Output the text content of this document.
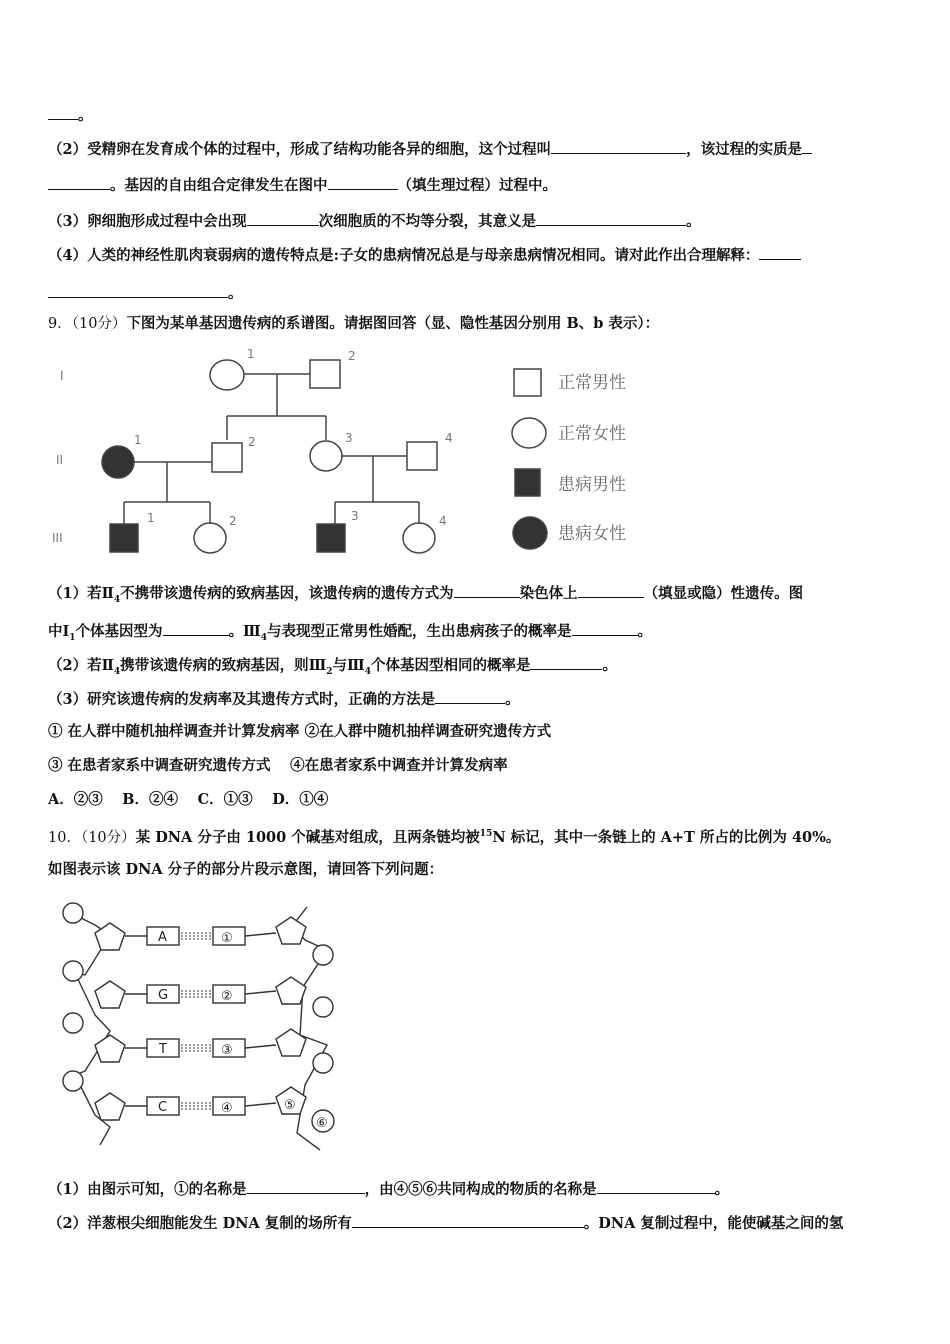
。
（2）受精卵在发育成个体的过程中，形成了结构功能各异的细胞，这个过程叫	，该过程的实质是
。基因的自由组合定律发生在图中	（填生理过程）过程中。
（3）卵细胞形成过程中会出现	次细胞质的不均等分裂，其意义是	。
（4）人类的神经性肌肉衰弱病的遗传特点是:子女的患病情况总是与母亲患病情况相同。请对此作出合理解释：
。
9．（10分）下图为某单基因遗传病的系谱图。请据图回答（显、隐性基因分别用 B、b 表示）：
I
II
III
1	2
1	2	3	4
1	2	3	4
正常男性
正常女性
患病男性
患病女性
（1）若$Ⅱ_4$不携带该遗传病的致病基因，该遗传病的遗传方式为	染色体上	（填显或隐）性遗传。图
中$Ⅰ_1$个体基因型为	。$Ⅲ_4$与表现型正常男性婚配，生出患病孩子的概率是	。
（2）若$Ⅱ_4$携带该遗传病的致病基因，则$Ⅲ_2$与$Ⅲ_4$个体基因型相同的概率是	。
（3）研究该遗传病的发病率及其遗传方式时，正确的方法是	。
① 在人群中随机抽样调查并计算发病率 ②在人群中随机抽样调查研究遗传方式
③ 在患者家系中调查研究遗传方式　 ④在患者家系中调查并计算发病率
A．②③　 B．②④　 C．①③　 D．①④
10．（10分）某 DNA 分子由 1000 个碱基对组成，且两条链均被$^{15}$N 标记，其中一条链上的 A+T 所占的比例为 40%。
如图表示该 DNA 分子的部分片段示意图，请回答下列问题：
A
G
T
C
①
②
③
④	⑤
⑥
（1）由图示可知，①的名称是	，由④⑤⑥共同构成的物质的名称是	。
（2）洋葱根尖细胞能发生 DNA 复制的场所有	。DNA 复制过程中，能使碱基之间的氢
